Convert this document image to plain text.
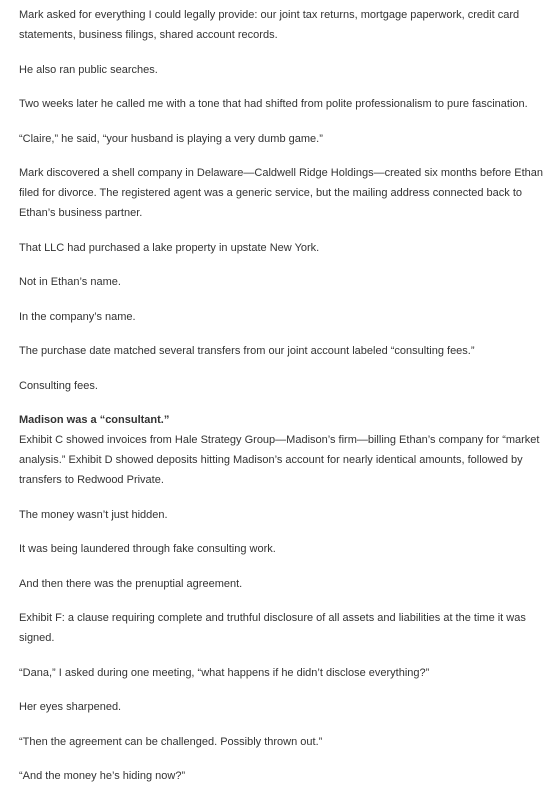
Mark asked for everything I could legally provide: our joint tax returns, mortgage paperwork, credit card statements, business filings, shared account records.

He also ran public searches.

Two weeks later he called me with a tone that had shifted from polite professionalism to pure fascination.

“Claire,” he said, “your husband is playing a very dumb game.”

Mark discovered a shell company in Delaware—Caldwell Ridge Holdings—created six months before Ethan filed for divorce. The registered agent was a generic service, but the mailing address connected back to Ethan’s business partner.

That LLC had purchased a lake property in upstate New York.

Not in Ethan’s name.

In the company’s name.

The purchase date matched several transfers from our joint account labeled “consulting fees.”

Consulting fees.

Madison was a “consultant.”
Exhibit C showed invoices from Hale Strategy Group—Madison’s firm—billing Ethan’s company for “market analysis.” Exhibit D showed deposits hitting Madison’s account for nearly identical amounts, followed by transfers to Redwood Private.

The money wasn’t just hidden.

It was being laundered through fake consulting work.

And then there was the prenuptial agreement.

Exhibit F: a clause requiring complete and truthful disclosure of all assets and liabilities at the time it was signed.

“Dana,” I asked during one meeting, “what happens if he didn’t disclose everything?”

Her eyes sharpened.

“Then the agreement can be challenged. Possibly thrown out.”

“And the money he’s hiding now?”
